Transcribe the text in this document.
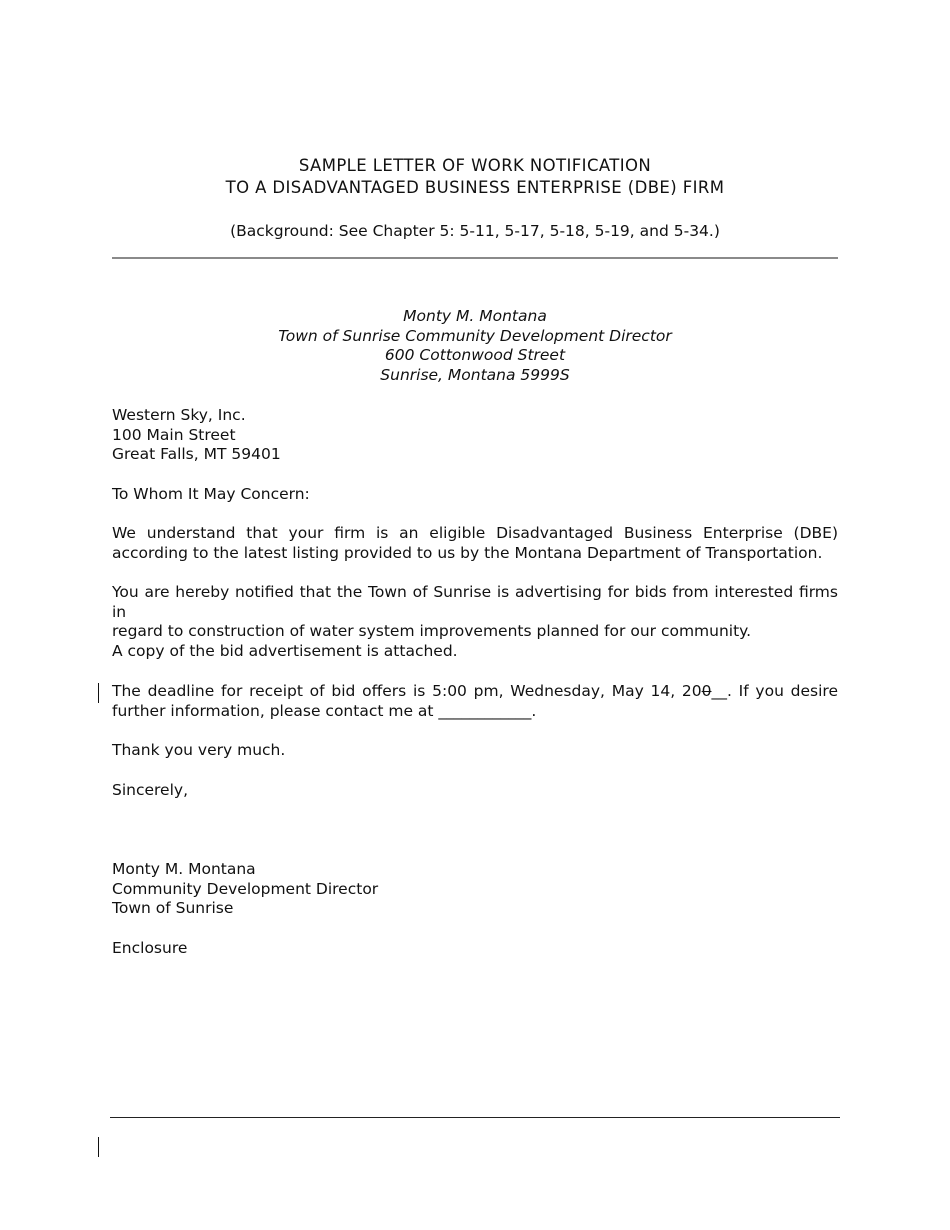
SAMPLE LETTER OF WORK NOTIFICATION
TO A DISADVANTAGED BUSINESS ENTERPRISE (DBE) FIRM
(Background: See Chapter 5: 5-11, 5-17, 5-18, 5-19, and 5-34.)
Monty M. Montana
Town of Sunrise Community Development Director
600 Cottonwood Street
Sunrise, Montana 5999S
Western Sky, Inc.
100 Main Street
Great Falls, MT 59401
To Whom It May Concern:
We understand that your firm is an eligible Disadvantaged Business Enterprise (DBE)
according to the latest listing provided to us by the Montana Department of Transportation.
You are hereby notified that the Town of Sunrise is advertising for bids from interested firms in
regard to construction of water system improvements planned for our community.
A copy of the bid advertisement is attached.
The deadline for receipt of bid offers is 5:00 pm, Wednesday, May 14, 200__. If you desire
further information, please contact me at ____________.
Thank you very much.
Sincerely,
Monty M. Montana
Community Development Director
Town of Sunrise
Enclosure
